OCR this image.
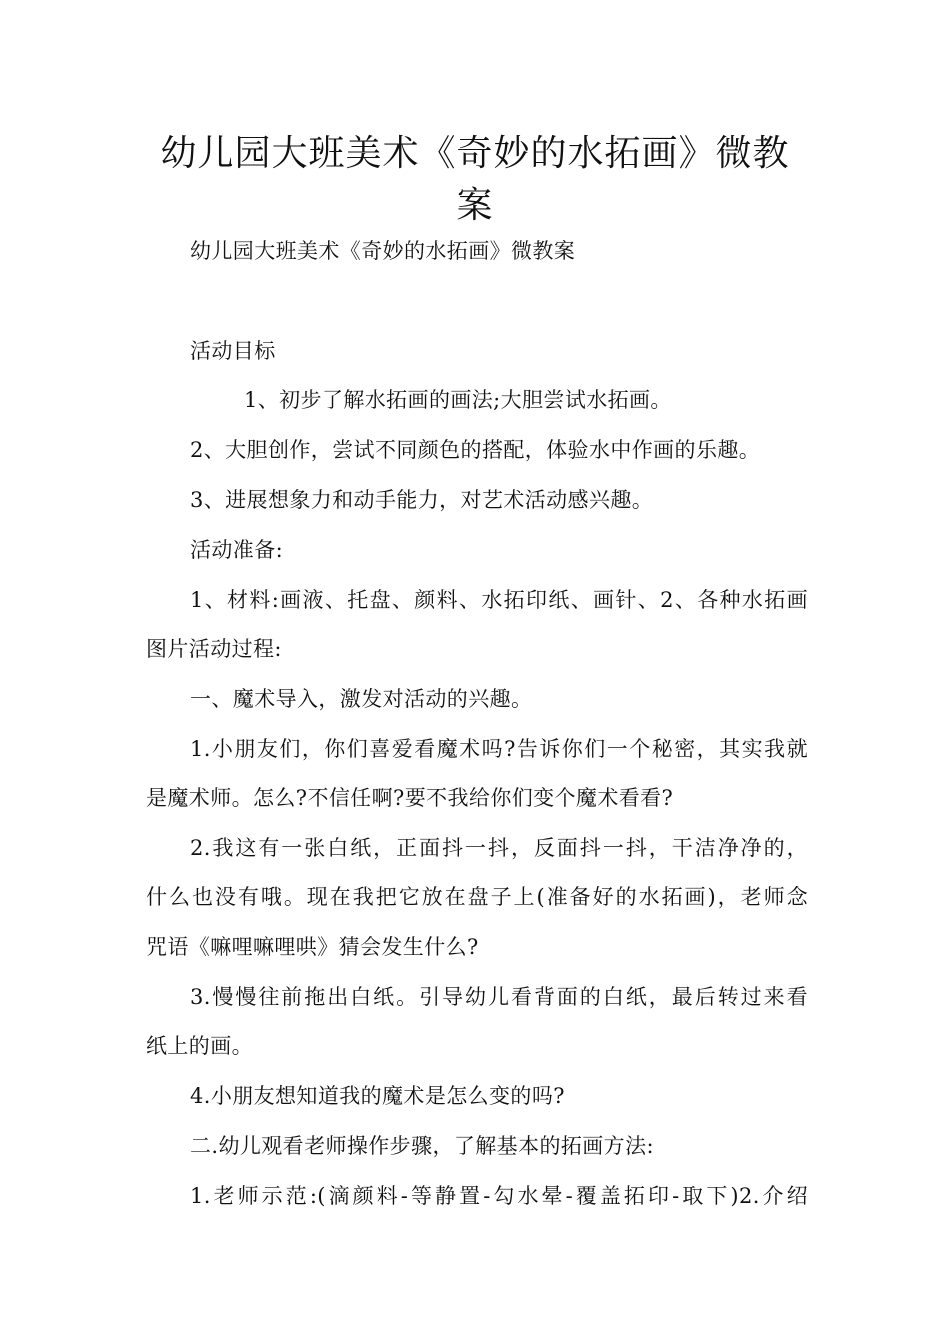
幼儿园大班美术《奇妙的水拓画》微教
案
幼儿园大班美术《奇妙的水拓画》微教案
活动目标
1、初步了解水拓画的画法;大胆尝试水拓画。
2、大胆创作，尝试不同颜色的搭配，体验水中作画的乐趣。
3、进展想象力和动手能力，对艺术活动感兴趣。
活动准备:
1、材料:画液、托盘、颜料、水拓印纸、画针、2、各种水拓画
图片活动过程:
一、魔术导入，激发对活动的兴趣。
1.小朋友们，你们喜爱看魔术吗?告诉你们一个秘密，其实我就
是魔术师。怎么?不信任啊?要不我给你们变个魔术看看?
2.我这有一张白纸，正面抖一抖，反面抖一抖，干洁净净的，
什么也没有哦。现在我把它放在盘子上(准备好的水拓画)，老师念
咒语《嘛哩嘛哩哄》猜会发生什么?
3.慢慢往前拖出白纸。引导幼儿看背面的白纸，最后转过来看
纸上的画。
4.小朋友想知道我的魔术是怎么变的吗?
二.幼儿观看老师操作步骤，了解基本的拓画方法:
1.老师示范:(滴颜料-等静置-勾水晕-覆盖拓印-取下)2.介绍
